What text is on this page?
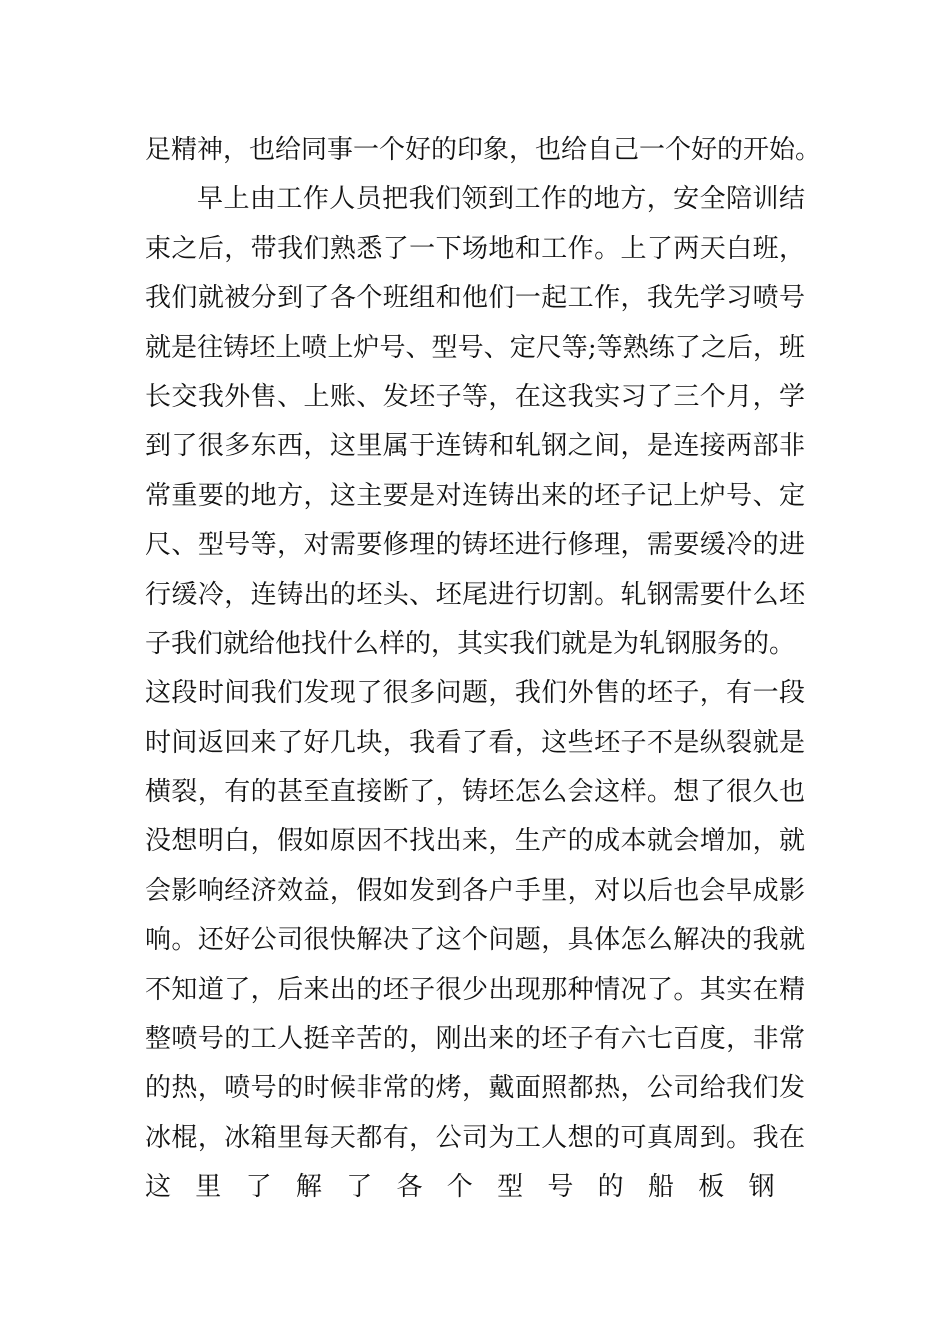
足精神，也给同事一个好的印象，也给自己一个好的开始。
早上由工作人员把我们领到工作的地方，安全陪训结
束之后，带我们熟悉了一下场地和工作。上了两天白班，
我们就被分到了各个班组和他们一起工作，我先学习喷号
就是往铸坯上喷上炉号、型号、定尺等;等熟练了之后，班
长交我外售、上账、发坯子等，在这我实习了三个月，学
到了很多东西，这里属于连铸和轧钢之间，是连接两部非
常重要的地方，这主要是对连铸出来的坯子记上炉号、定
尺、型号等，对需要修理的铸坯进行修理，需要缓冷的进
行缓冷，连铸出的坯头、坯尾进行切割。轧钢需要什么坯
子我们就给他找什么样的，其实我们就是为轧钢服务的。
这段时间我们发现了很多问题，我们外售的坯子，有一段
时间返回来了好几块，我看了看，这些坯子不是纵裂就是
横裂，有的甚至直接断了，铸坯怎么会这样。想了很久也
没想明白，假如原因不找出来，生产的成本就会增加，就
会影响经济效益，假如发到各户手里，对以后也会早成影
响。还好公司很快解决了这个问题，具体怎么解决的我就
不知道了，后来出的坯子很少出现那种情况了。其实在精
整喷号的工人挺辛苦的，刚出来的坯子有六七百度，非常
的热，喷号的时候非常的烤，戴面照都热，公司给我们发
冰棍，冰箱里每天都有，公司为工人想的可真周到。我在
这 里 了 解 了 各 个 型 号 的 船 板 钢
